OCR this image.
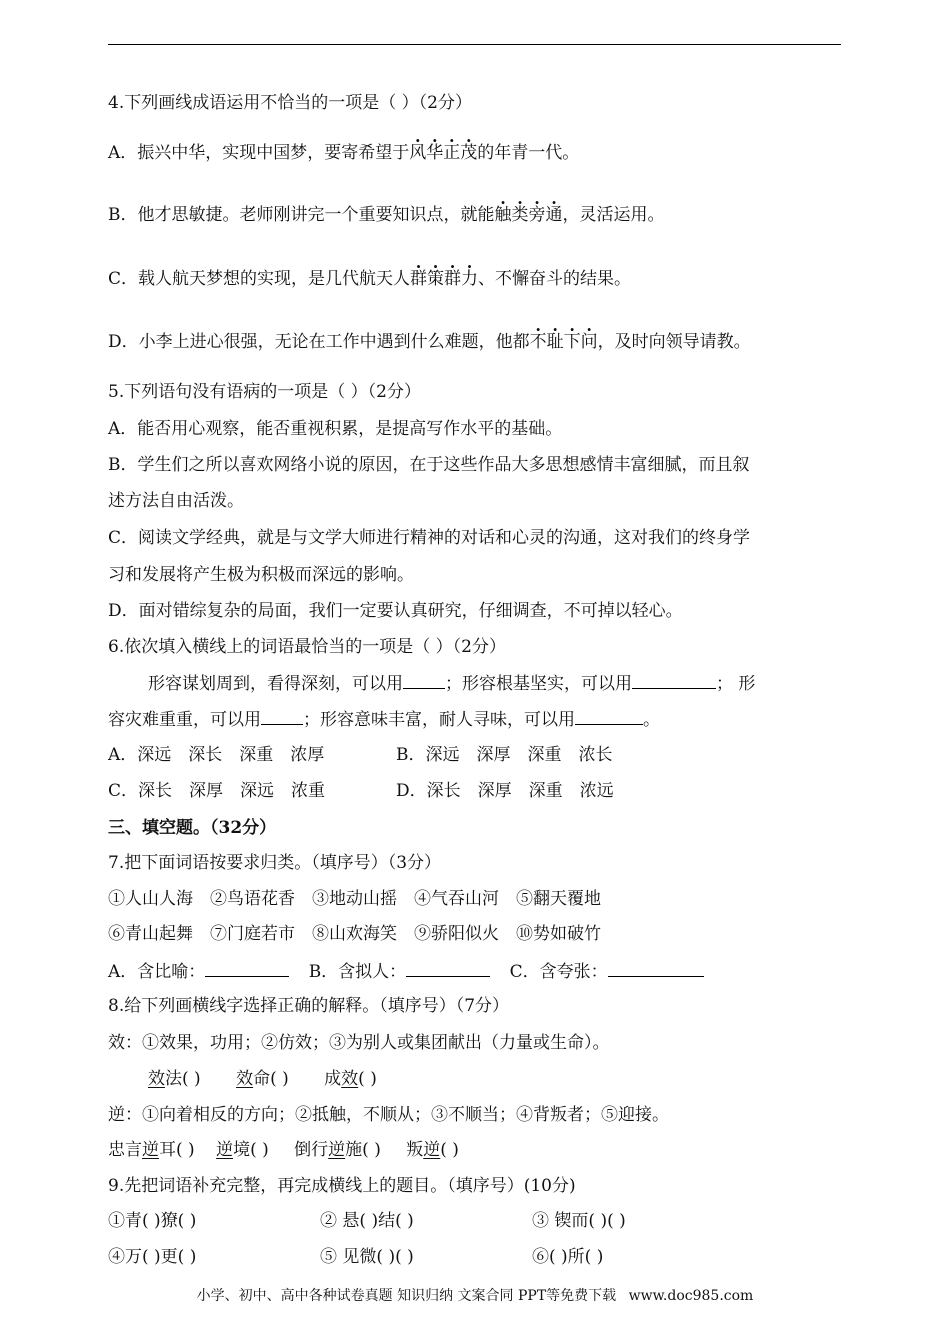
4.下列画线成语运用不恰当的一项是（ ）（2分）
A．振兴中华，实现中国梦，要寄希望于风华正茂的年青一代。
B．他才思敏捷。老师刚讲完一个重要知识点，就能触类旁通，灵活运用。
C．载人航天梦想的实现，是几代航天人群策群力、不懈奋斗的结果。
D．小李上进心很强，无论在工作中遇到什么难题，他都不耻下问，及时向领导请教。
5.下列语句没有语病的一项是（ ）（2分）
A．能否用心观察，能否重视积累，是提高写作水平的基础。
B．学生们之所以喜欢网络小说的原因，在于这些作品大多思想感情丰富细腻，而且叙
述方法自由活泼。
C．阅读文学经典，就是与文学大师进行精神的对话和心灵的沟通，这对我们的终身学
习和发展将产生极为积极而深远的影响。
D．面对错综复杂的局面，我们一定要认真研究，仔细调查，不可掉以轻心。
6.依次填入横线上的词语最恰当的一项是（ ）（2分）
形容谋划周到，看得深刻，可以用 ；形容根基坚实，可以用	； 形
容灾难重重，可以用 ；形容意味丰富，耐人寻味，可以用	。
A．深远　深长　深重　浓厚	B．深远　深厚　深重　浓长
C．深长　深厚　深远　浓重	D．深长　深厚　深重　浓远
三、填空题。（32分）
7.把下面词语按要求归类。（填序号）（3分）
①人山人海　②鸟语花香　③地动山摇　④气吞山河　⑤翻天覆地
⑥青山起舞　⑦门庭若市　⑧山欢海笑　⑨骄阳似火　⑩势如破竹
A．含比喻：	B．含拟人：	C．含夸张：
8.给下列画横线字选择正确的解释。（填序号）（7分）
效：①效果，功用；②仿效；③为别人或集团献出（力量或生命）。
效法( ) 效命( ) 成效( )
逆：①向着相反的方向；②抵触，不顺从；③不顺当；④背叛者；⑤迎接。
忠言逆耳( ) 逆境( ) 倒行逆施( ) 叛逆( )
9.先把词语补充完整，再完成横线上的题目。（填序号）(10分)
①青( )獠( )	② 悬( )结( )	③ 锲而( )( )
④万( )更( )	⑤ 见微( )( )	⑥( )所( )
小学、初中、高中各种试卷真题 知识归纳 文案合同 PPT等免费下载 www.doc985.com
